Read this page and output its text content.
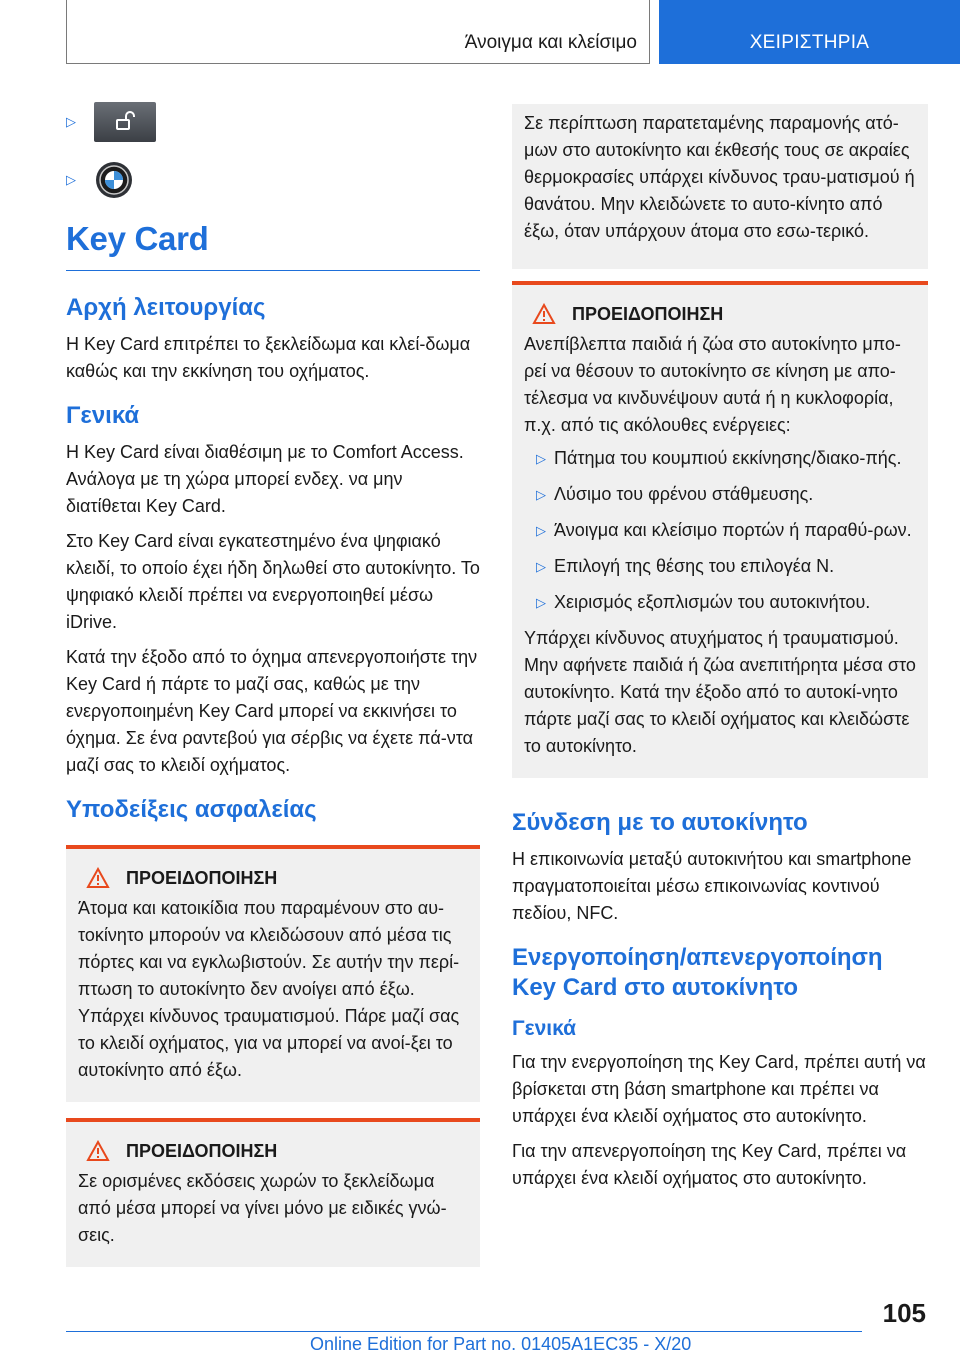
Άνοιγμα και κλείσιμο	ΧΕΙΡΙΣΤΗΡΙΑ
▷
▷
Key Card
Αρχή λειτουργίας

Η Key Card επιτρέπει το ξεκλείδωμα και κλεί-δωμα καθώς και την εκκίνηση του οχήματος.

Γενικά

Η Key Card είναι διαθέσιμη με το Comfort Access. Ανάλογα με τη χώρα μπορεί ενδεχ. να μην διατίθεται Key Card.

Στο Key Card είναι εγκατεστημένο ένα ψηφιακό κλειδί, το οποίο έχει ήδη δηλωθεί στο αυτοκίνητο. Το ψηφιακό κλειδί πρέπει να ενεργοποιηθεί μέσω iDrive.

Κατά την έξοδο από το όχημα απενεργοποιήστε την Key Card ή πάρτε το μαζί σας, καθώς με την ενεργοποιημένη Key Card μπορεί να εκκινήσει το όχημα. Σε ένα ραντεβού για σέρβις να έχετε πά-ντα μαζί σας το κλειδί οχήματος.

Υποδείξεις ασφαλείας
ΠΡΟΕΙΔΟΠΟΙΗΣΗ

Άτομα και κατοικίδια που παραμένουν στο αυ-τοκίνητο μπορούν να κλειδώσουν από μέσα τις πόρτες και να εγκλωβιστούν. Σε αυτήν την περί-πτωση το αυτοκίνητο δεν ανοίγει από έξω. Υπάρχει κίνδυνος τραυματισμού. Πάρε μαζί σας το κλειδί οχήματος, για να μπορεί να ανοί-ξει το αυτοκίνητο από έξω.

ΠΡΟΕΙΔΟΠΟΙΗΣΗ

Σε ορισμένες εκδόσεις χωρών το ξεκλείδωμα από μέσα μπορεί να γίνει μόνο με ειδικές γνώ-σεις.

Σε περίπτωση παρατεταμένης παραμονής ατό-μων στο αυτοκίνητο και έκθεσής τους σε ακραίες θερμοκρασίες υπάρχει κίνδυνος τραυ-ματισμού ή θανάτου. Μην κλειδώνετε το αυτο-κίνητο από έξω, όταν υπάρχουν άτομα στο εσω-τερικό.

ΠΡΟΕΙΔΟΠΟΙΗΣΗ

Ανεπίβλεπτα παιδιά ή ζώα στο αυτοκίνητο μπο-ρεί να θέσουν το αυτοκίνητο σε κίνηση με απο-τέλεσμα να κινδυνέψουν αυτά ή η κυκλοφορία, π.χ. από τις ακόλουθες ενέργειες:

▷ Πάτημα του κουμπιού εκκίνησης/διακο-πής.
▷ Λύσιμο του φρένου στάθμευσης.
▷ Άνοιγμα και κλείσιμο πορτών ή παραθύ-ρων.
▷ Επιλογή της θέσης του επιλογέα N.
▷ Χειρισμός εξοπλισμών του αυτοκινήτου.

Υπάρχει κίνδυνος ατυχήματος ή τραυματισμού. Μην αφήνετε παιδιά ή ζώα ανεπιτήρητα μέσα στο αυτοκίνητο. Κατά την έξοδο από το αυτοκί-νητο πάρτε μαζί σας το κλειδί οχήματος και κλειδώστε το αυτοκίνητο.

Σύνδεση με το αυτοκίνητο

Η επικοινωνία μεταξύ αυτοκινήτου και smartphone πραγματοποιείται μέσω επικοινωνίας κοντινού πεδίου, NFC.

Ενεργοποίηση/απενεργοποίηση Key Card στο αυτοκίνητο
Γενικά

Για την ενεργοποίηση της Key Card, πρέπει αυτή να βρίσκεται στη βάση smartphone και πρέπει να υπάρχει ένα κλειδί οχήματος στο αυτοκίνητο.

Για την απενεργοποίηση της Key Card, πρέπει να υπάρχει ένα κλειδί οχήματος στο αυτοκίνητο.

105
Online Edition for Part no. 01405A1EC35 - X/20
